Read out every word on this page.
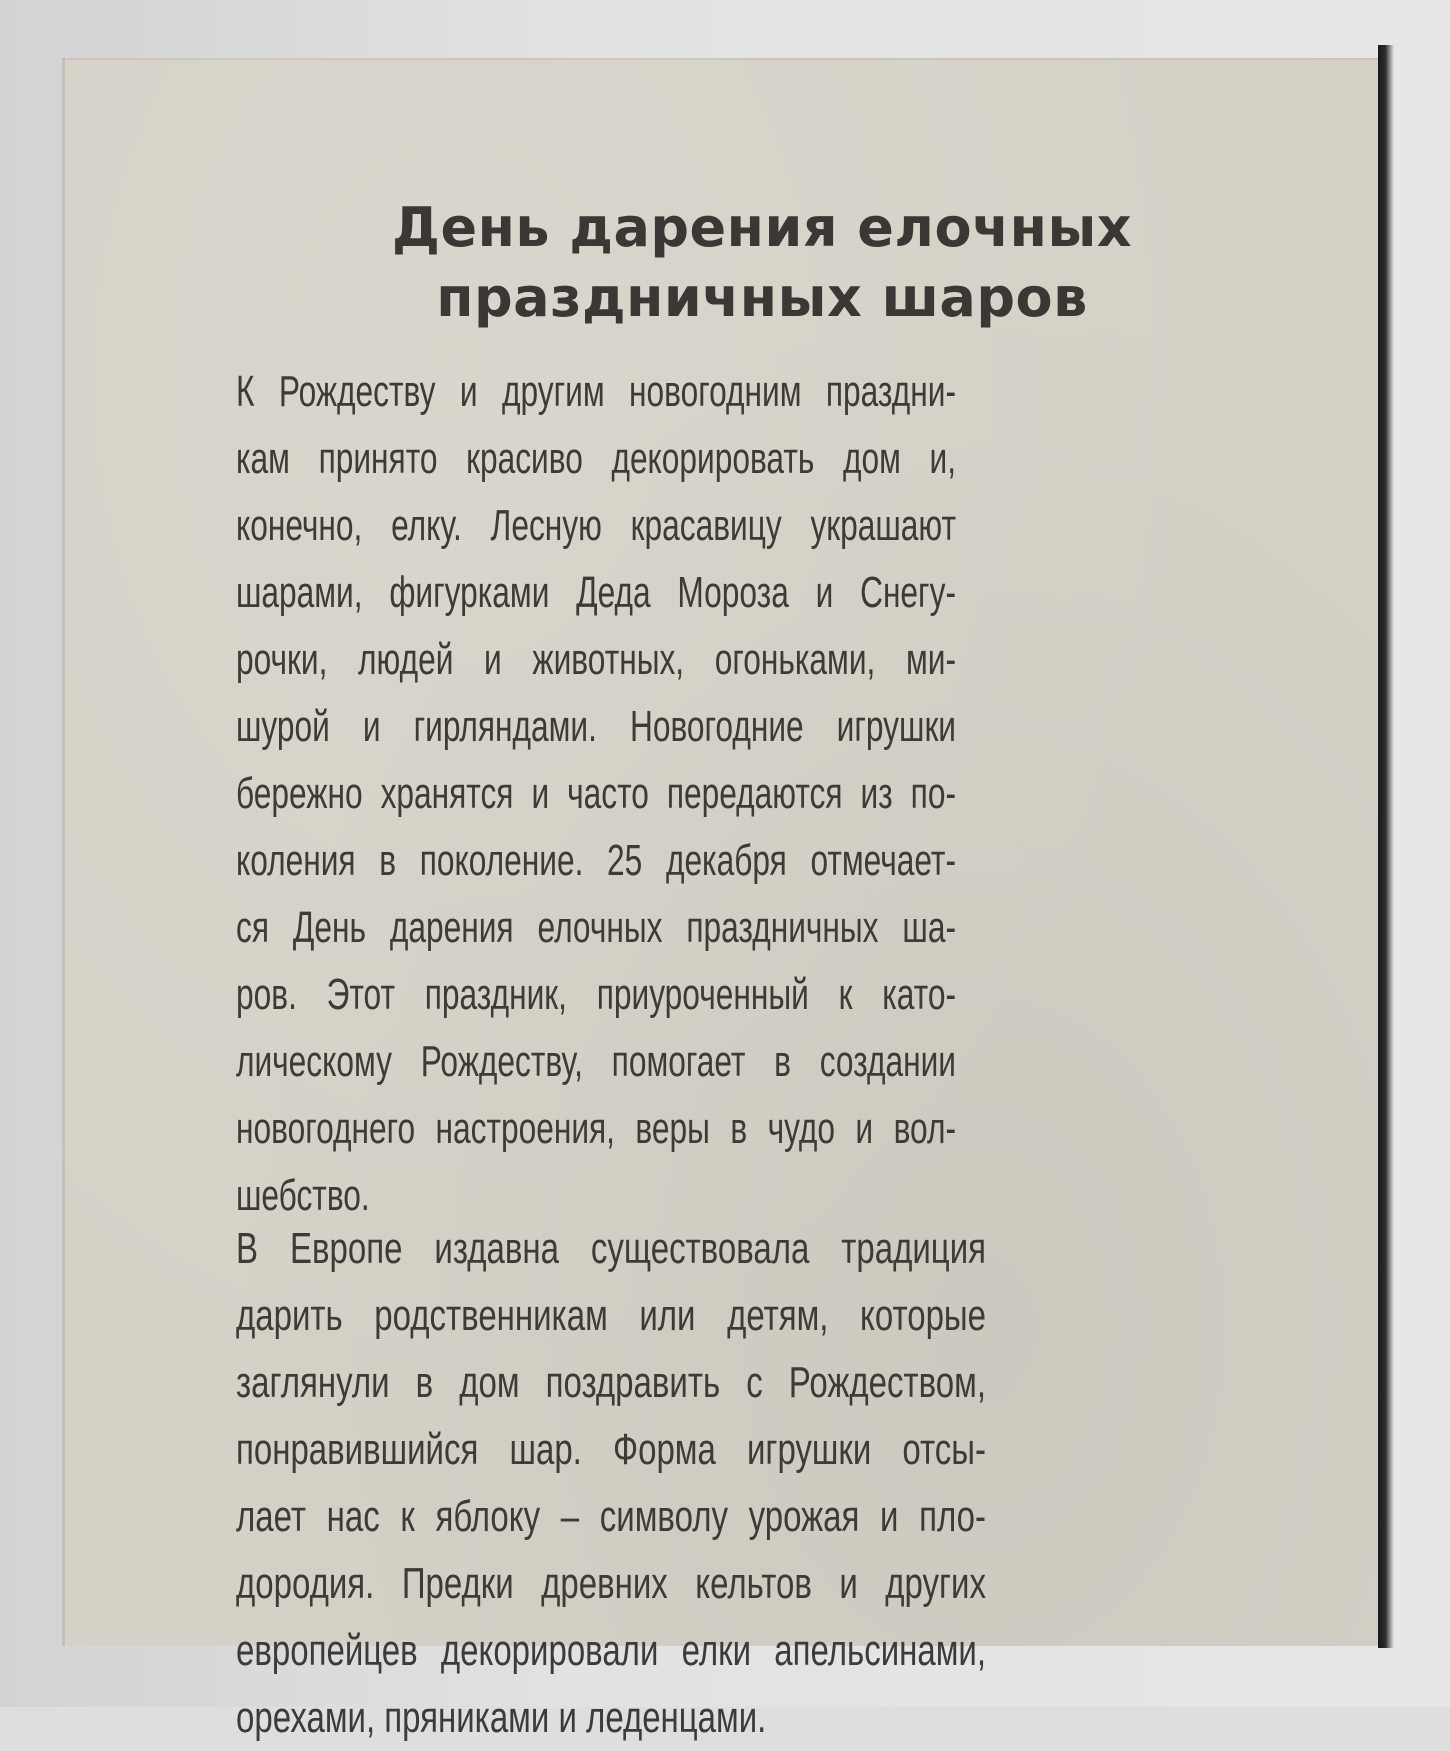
День дарения елочных
праздничных шаров
К Рождеству и другим новогодним праздни-
кам принято красиво декорировать дом и,
конечно, елку. Лесную красавицу украшают
шарами, фигурками Деда Мороза и Снегу-
рочки, людей и животных, огоньками, ми-
шурой и гирляндами. Новогодние игрушки
бережно хранятся и часто передаются из по-
коления в поколение. 25 декабря отмечает-
ся День дарения елочных праздничных ша-
ров. Этот праздник, приуроченный к като-
лическому Рождеству, помогает в создании
новогоднего настроения, веры в чудо и вол-
шебство.
В Европе издавна существовала традиция
дарить родственникам или детям, которые
заглянули в дом поздравить с Рождеством,
понравившийся шар. Форма игрушки отсы-
лает нас к яблоку – символу урожая и пло-
дородия. Предки древних кельтов и других
европейцев декорировали елки апельсинами,
орехами, пряниками и леденцами.
